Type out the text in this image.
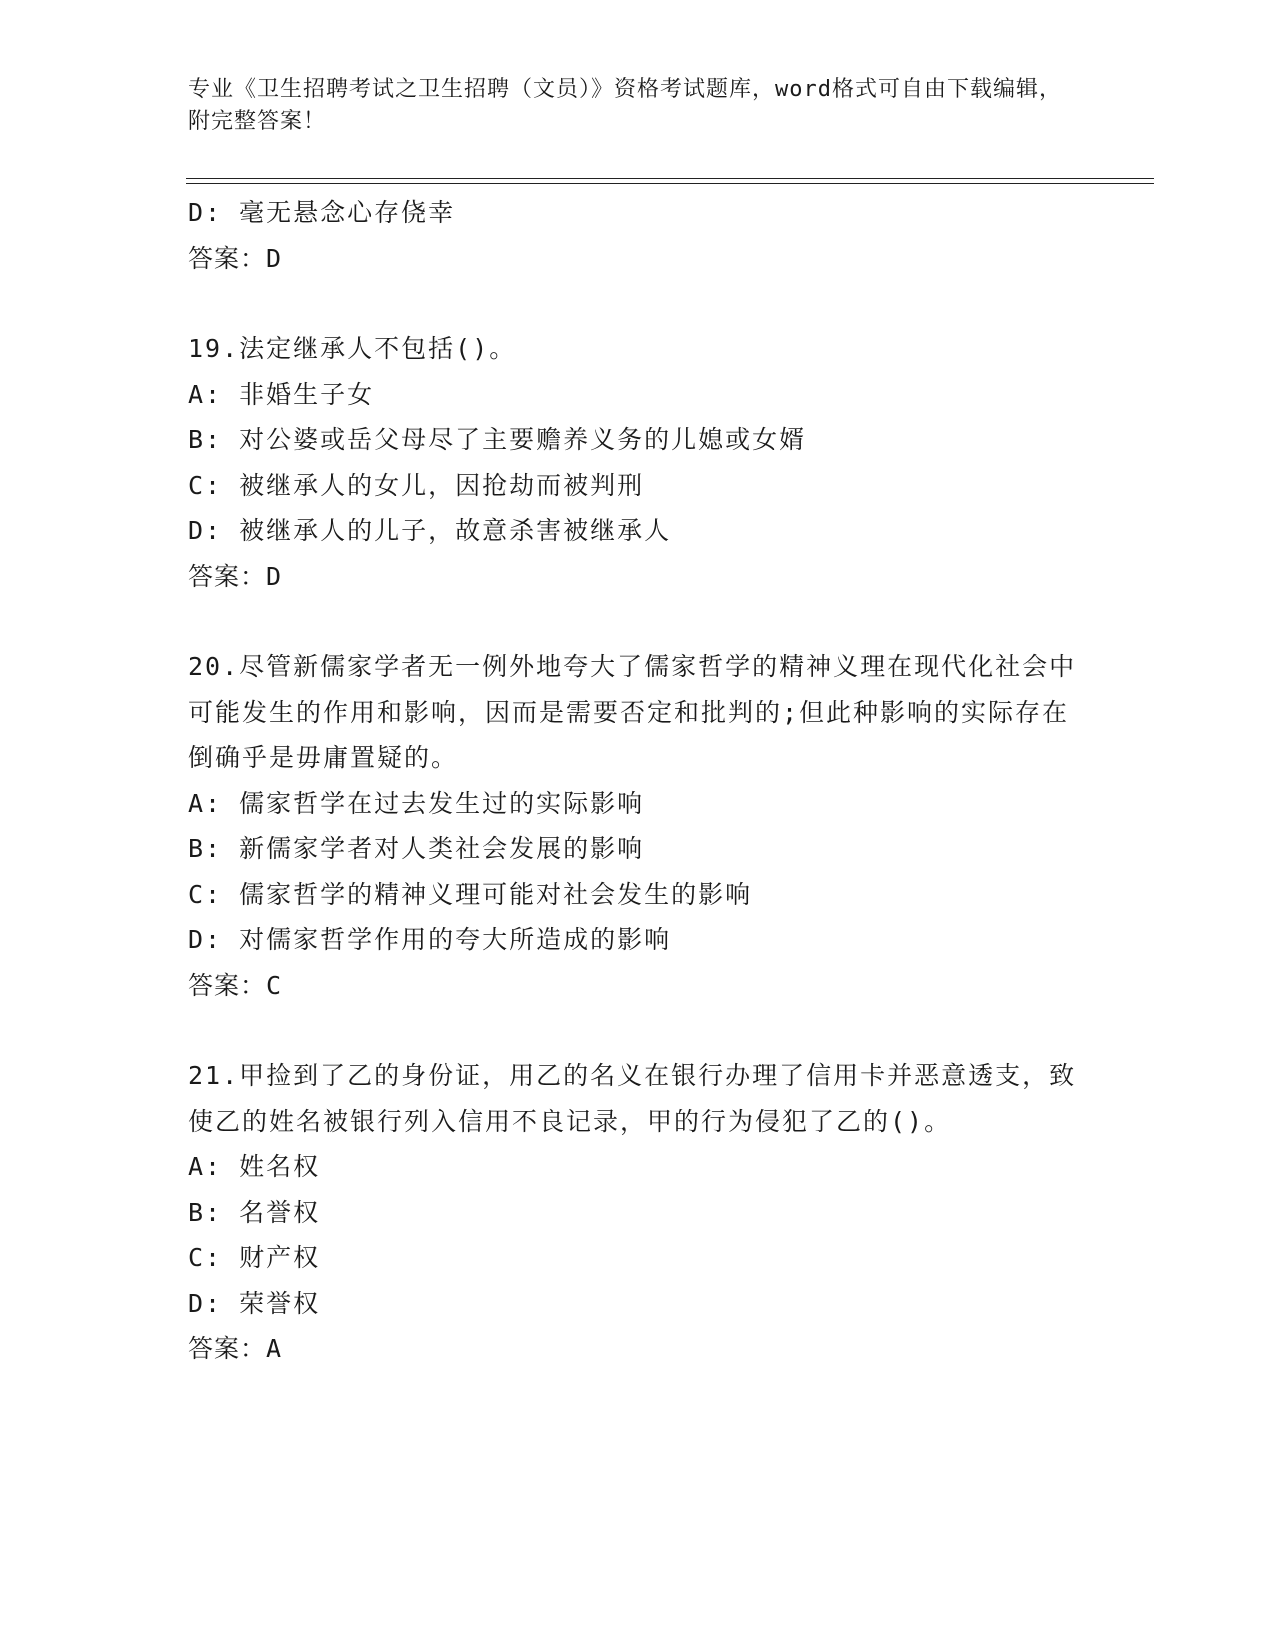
专业《卫生招聘考试之卫生招聘（文员）》资格考试题库，word格式可自由下载编辑，附完整答案！
D: 毫无悬念心存侥幸
答案：D
19.法定继承人不包括()。
A: 非婚生子女
B: 对公婆或岳父母尽了主要赡养义务的儿媳或女婿
C: 被继承人的女儿，因抢劫而被判刑
D: 被继承人的儿子，故意杀害被继承人
答案：D
20.尽管新儒家学者无一例外地夸大了儒家哲学的精神义理在现代化社会中可能发生的作用和影响，因而是需要否定和批判的;但此种影响的实际存在倒确乎是毋庸置疑的。
A: 儒家哲学在过去发生过的实际影响
B: 新儒家学者对人类社会发展的影响
C: 儒家哲学的精神义理可能对社会发生的影响
D: 对儒家哲学作用的夸大所造成的影响
答案：C
21.甲捡到了乙的身份证，用乙的名义在银行办理了信用卡并恶意透支，致使乙的姓名被银行列入信用不良记录，甲的行为侵犯了乙的()。
A: 姓名权
B: 名誉权
C: 财产权
D: 荣誉权
答案：A
